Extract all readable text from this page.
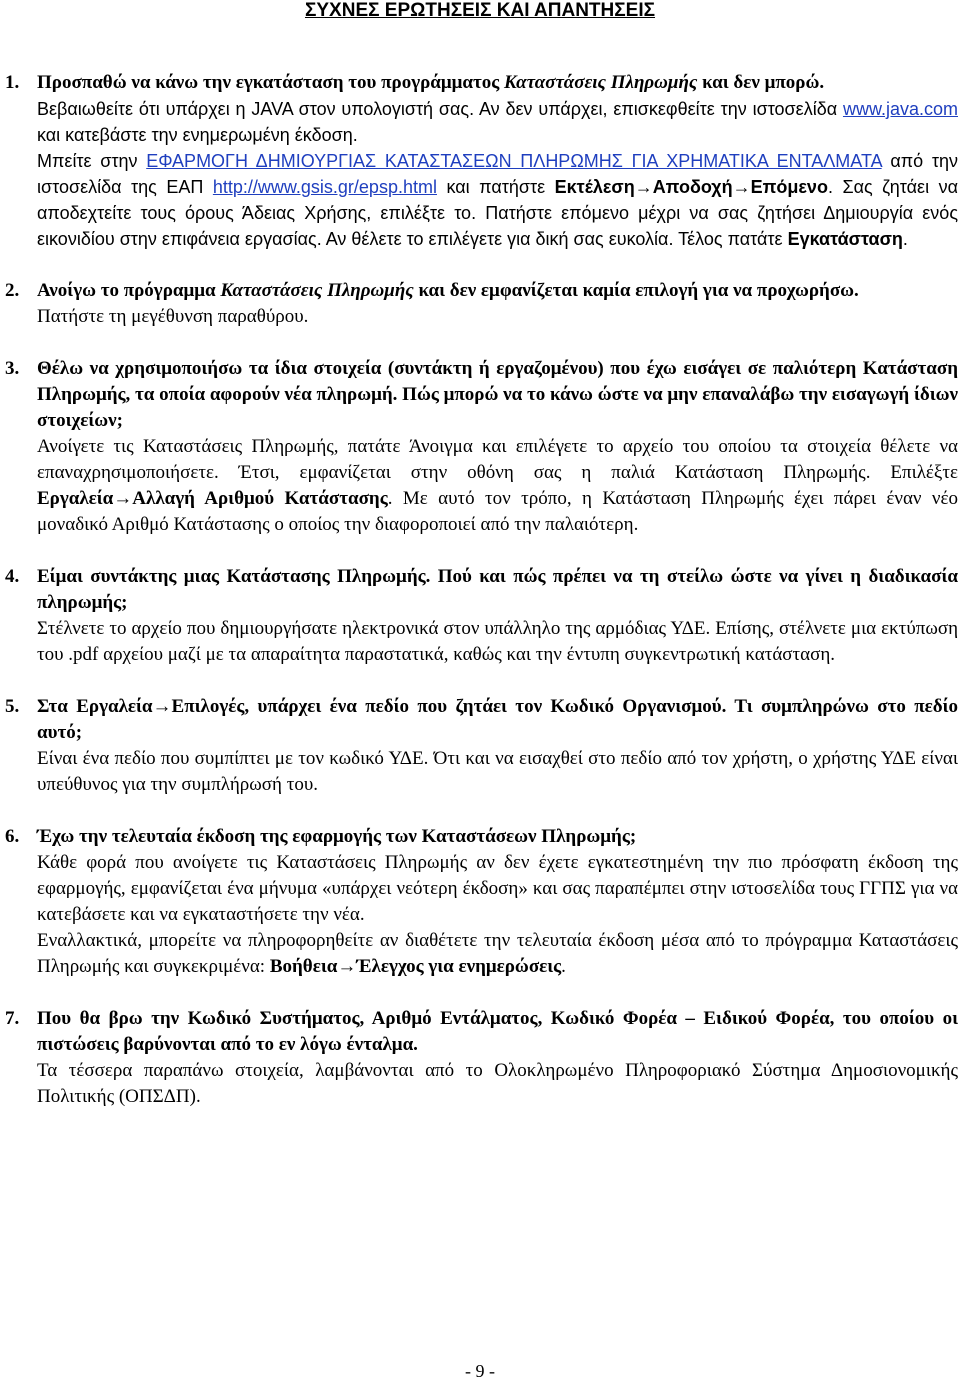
ΣΥΧΝΕΣ ΕΡΩΤΗΣΕΙΣ ΚΑΙ ΑΠΑΝΤΗΣΕΙΣ
1. Προσπαθώ να κάνω την εγκατάσταση του προγράμματος Καταστάσεις Πληρωμής και δεν μπορώ.

Βεβαιωθείτε ότι υπάρχει η JAVA στον υπολογιστή σας. Αν δεν υπάρχει, επισκεφθείτε την ιστοσελίδα www.java.com και κατεβάστε την ενημερωμένη έκδοση.

Μπείτε στην ΕΦΑΡΜΟΓΗ ΔΗΜΙΟΥΡΓΙΑΣ ΚΑΤΑΣΤΑΣΕΩΝ ΠΛΗΡΩΜΗΣ ΓΙΑ ΧΡΗΜΑΤΙΚΑ ΕΝΤΑΛΜΑΤΑ από την ιστοσελίδα της ΕΑΠ http://www.gsis.gr/epsp.html και πατήστε Εκτέλεση→Αποδοχή→Επόμενο. Σας ζητάει να αποδεχτείτε τους όρους Άδειας Χρήσης, επιλέξτε το. Πατήστε επόμενο μέχρι να σας ζητήσει Δημιουργία ενός εικονιδίου στην επιφάνεια εργασίας. Αν θέλετε το επιλέγετε για δική σας ευκολία. Τέλος πατάτε Εγκατάσταση.

2. Ανοίγω το πρόγραμμα Καταστάσεις Πληρωμής και δεν εμφανίζεται καμία επιλογή για να προχωρήσω.

Πατήστε τη μεγέθυνση παραθύρου.

3. Θέλω να χρησιμοποιήσω τα ίδια στοιχεία (συντάκτη ή εργαζομένου) που έχω εισάγει σε παλιότερη Κατάσταση Πληρωμής, τα οποία αφορούν νέα πληρωμή. Πώς μπορώ να το κάνω ώστε να μην επαναλάβω την εισαγωγή ίδιων στοιχείων;

Ανοίγετε τις Καταστάσεις Πληρωμής, πατάτε Άνοιγμα και επιλέγετε το αρχείο του οποίου τα στοιχεία θέλετε να επαναχρησιμοποιήσετε. Έτσι, εμφανίζεται στην οθόνη σας η παλιά Κατάσταση Πληρωμής. Επιλέξτε Εργαλεία→Αλλαγή Αριθμού Κατάστασης. Με αυτό τον τρόπο, η Κατάσταση Πληρωμής έχει πάρει έναν νέο μοναδικό Αριθμό Κατάστασης ο οποίος την διαφοροποιεί από την παλαιότερη.

4. Είμαι συντάκτης μιας Κατάστασης Πληρωμής. Πού και πώς πρέπει να τη στείλω ώστε να γίνει η διαδικασία πληρωμής;

Στέλνετε το αρχείο που δημιουργήσατε ηλεκτρονικά στον υπάλληλο της αρμόδιας ΥΔΕ. Επίσης, στέλνετε μια εκτύπωση του .pdf αρχείου μαζί με τα απαραίτητα παραστατικά, καθώς και την έντυπη συγκεντρωτική κατάσταση.

5. Στα Εργαλεία→Επιλογές, υπάρχει ένα πεδίο που ζητάει τον Κωδικό Οργανισμού. Τι συμπληρώνω στο πεδίο αυτό;

Είναι ένα πεδίο που συμπίπτει με τον κωδικό ΥΔΕ. Ότι και να εισαχθεί στο πεδίο από τον χρήστη, ο χρήστης ΥΔΕ είναι υπεύθυνος για την συμπλήρωσή του.

6. Έχω την τελευταία έκδοση της εφαρμογής των Καταστάσεων Πληρωμής;

Κάθε φορά που ανοίγετε τις Καταστάσεις Πληρωμής αν δεν έχετε εγκατεστημένη την πιο πρόσφατη έκδοση της εφαρμογής, εμφανίζεται ένα μήνυμα «υπάρχει νεότερη έκδοση» και σας παραπέμπει στην ιστοσελίδα τους ΓΓΠΣ για να κατεβάσετε και να εγκαταστήσετε την νέα.

Εναλλακτικά, μπορείτε να πληροφορηθείτε αν διαθέτετε την τελευταία έκδοση μέσα από το πρόγραμμα Καταστάσεις Πληρωμής και συγκεκριμένα: Βοήθεια→Έλεγχος για ενημερώσεις.

7. Που θα βρω την Κωδικό Συστήματος, Αριθμό Εντάλματος, Κωδικό Φορέα – Ειδικού Φορέα, του οποίου οι πιστώσεις βαρύνονται από το εν λόγω ένταλμα.

Τα τέσσερα παραπάνω στοιχεία, λαμβάνονται από το Ολοκληρωμένο Πληροφοριακό Σύστημα Δημοσιονομικής Πολιτικής (ΟΠΣΔΠ).

- 9 -
